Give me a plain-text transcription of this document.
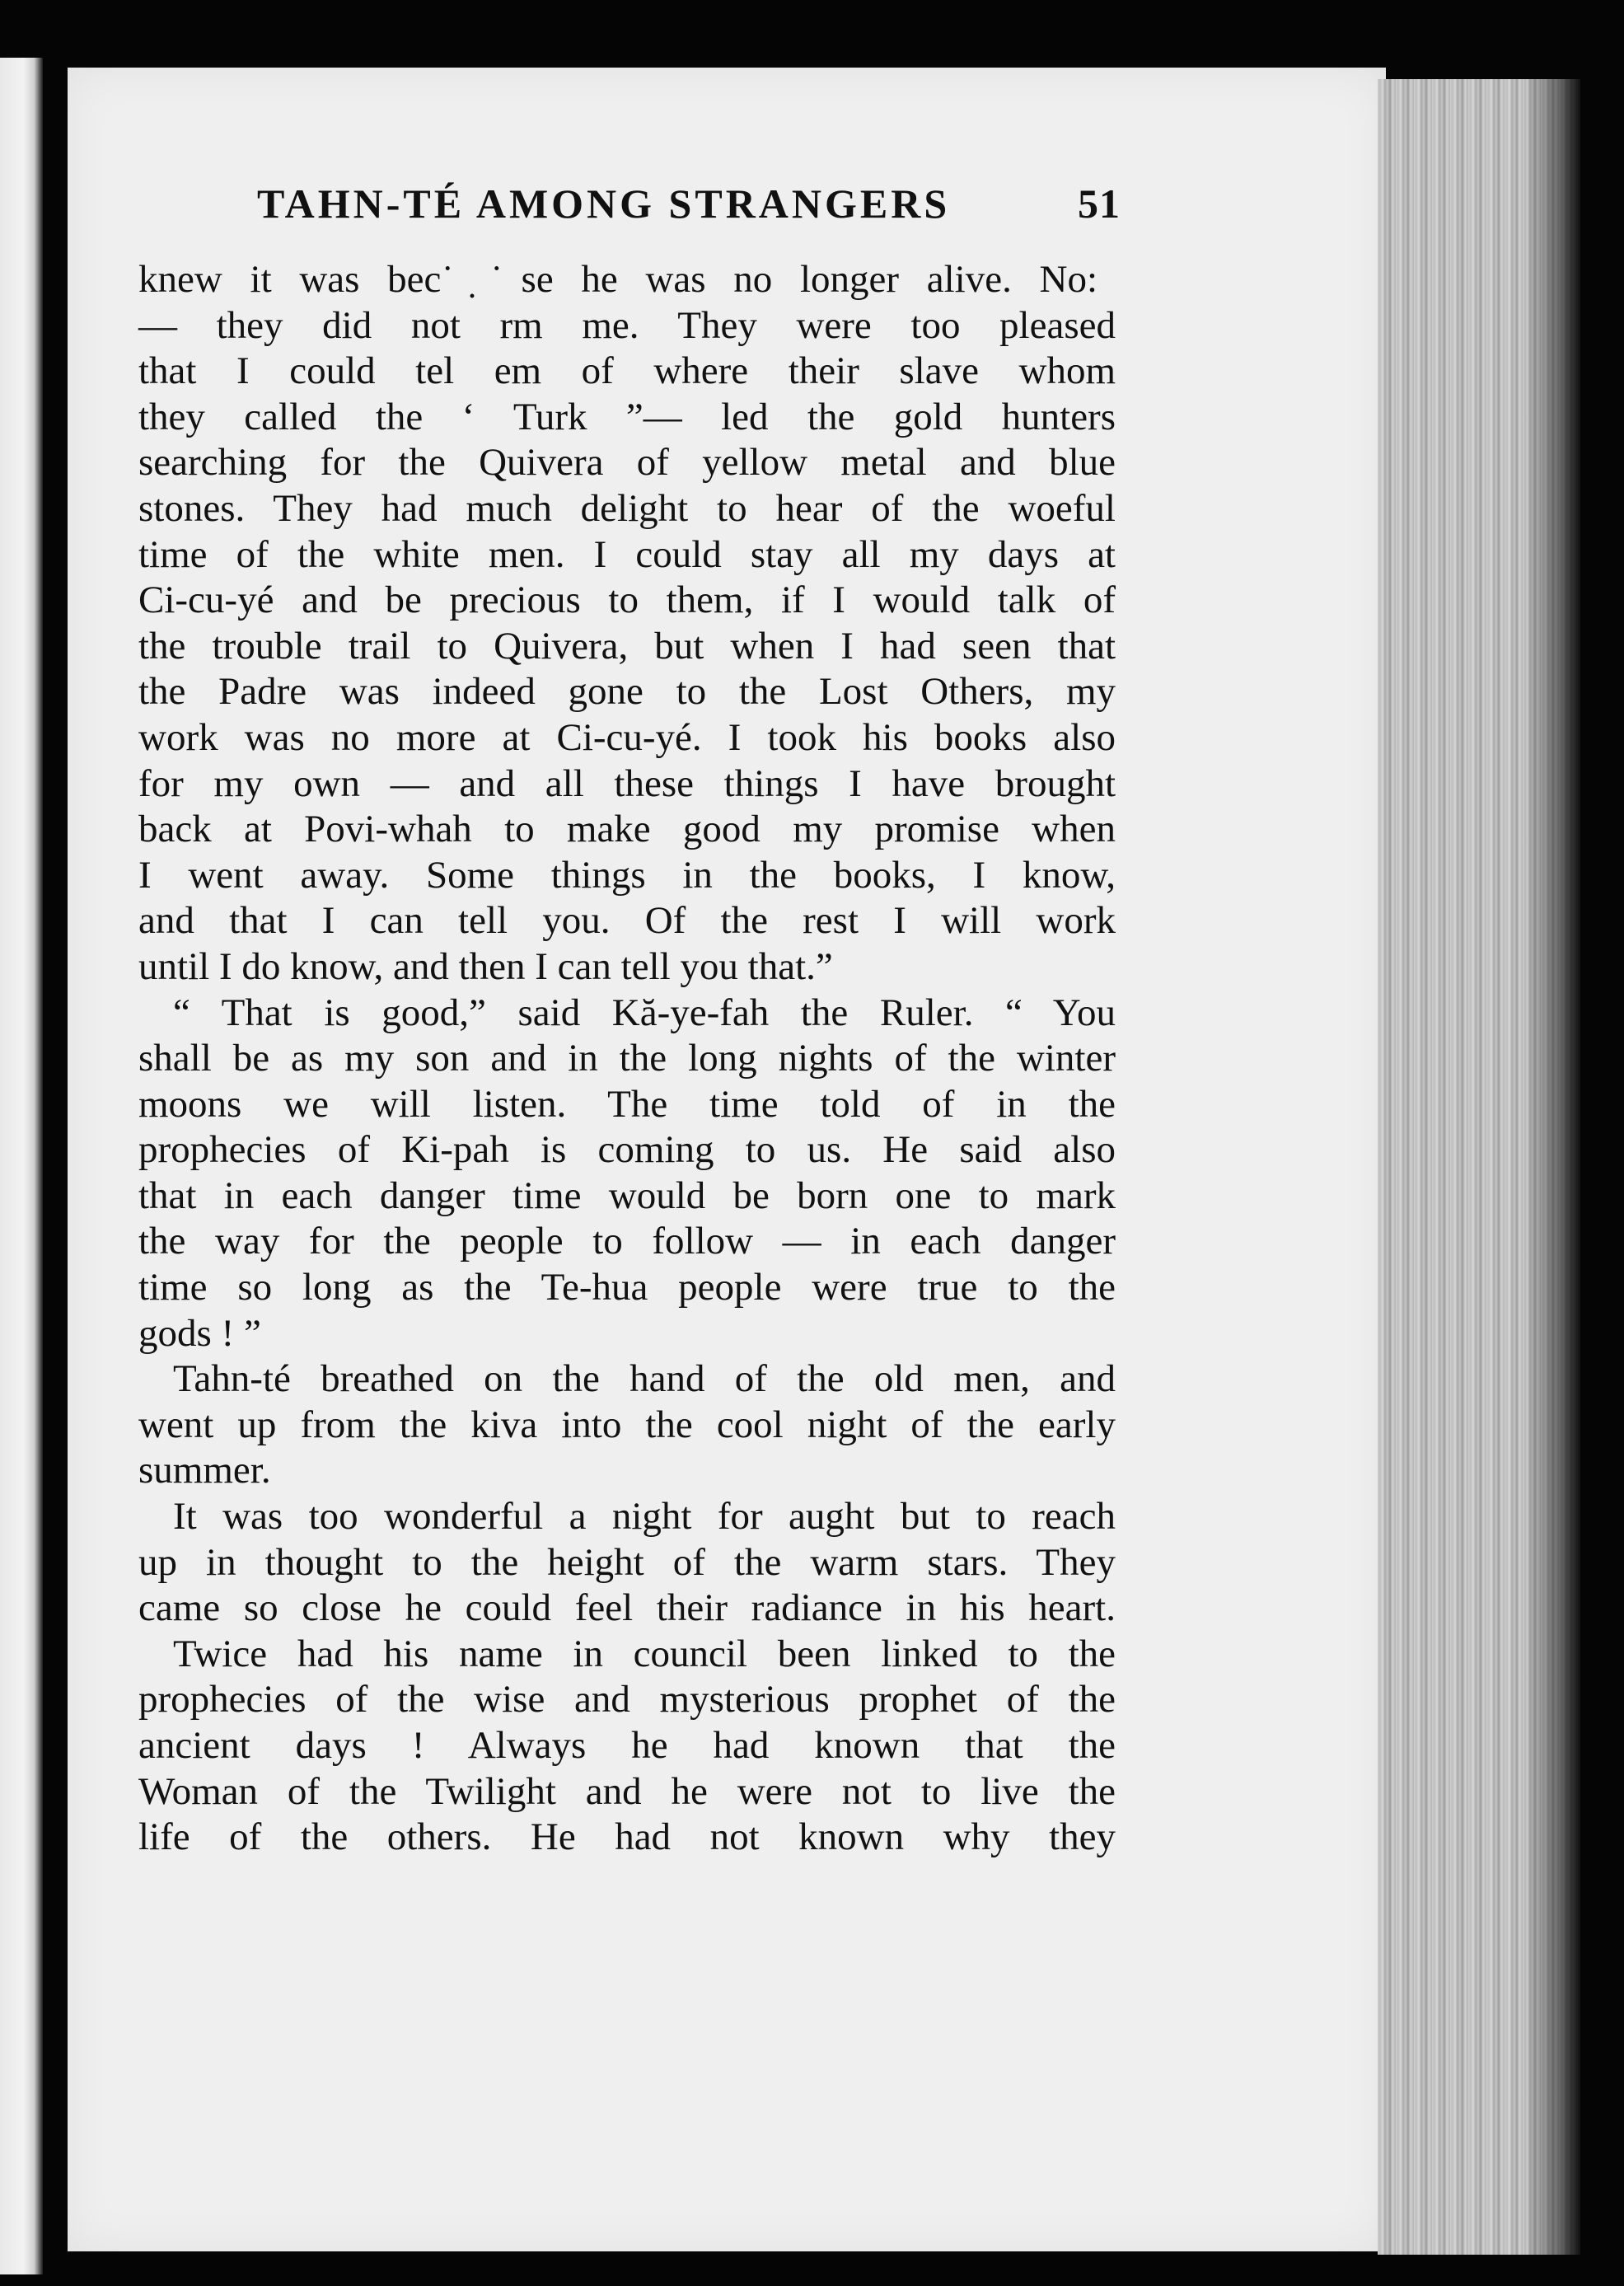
TAHN-TÉ AMONG STRANGERS	51
knew it was bec˙̣˙se he was no longer alive. No:
— they did not rm me. They were too pleased
that I could tel em of where their slave whom
they called the ‘ Turk ”— led the gold hunters
searching for the Quivera of yellow metal and blue
stones. They had much delight to hear of the woeful
time of the white men. I could stay all my days at
Ci-cu-yé and be precious to them, if I would talk of
the trouble trail to Quivera, but when I had seen that
the Padre was indeed gone to the Lost Others, my
work was no more at Ci-cu-yé. I took his books also
for my own — and all these things I have brought
back at Povi-whah to make good my promise when
I went away. Some things in the books, I know,
and that I can tell you. Of the rest I will work
until I do know, and then I can tell you that.”
“ That is good,” said Kă-ye-fah the Ruler. “ You
shall be as my son and in the long nights of the winter
moons we will listen. The time told of in the
prophecies of Ki-pah is coming to us. He said also
that in each danger time would be born one to mark
the way for the people to follow — in each danger
time so long as the Te-hua people were true to the
gods ! ”
Tahn-té breathed on the hand of the old men, and
went up from the kiva into the cool night of the early
summer.
It was too wonderful a night for aught but to reach
up in thought to the height of the warm stars. They
came so close he could feel their radiance in his heart.
Twice had his name in council been linked to the
prophecies of the wise and mysterious prophet of the
ancient days ! Always he had known that the
Woman of the Twilight and he were not to live the
life of the others. He had not known why they
